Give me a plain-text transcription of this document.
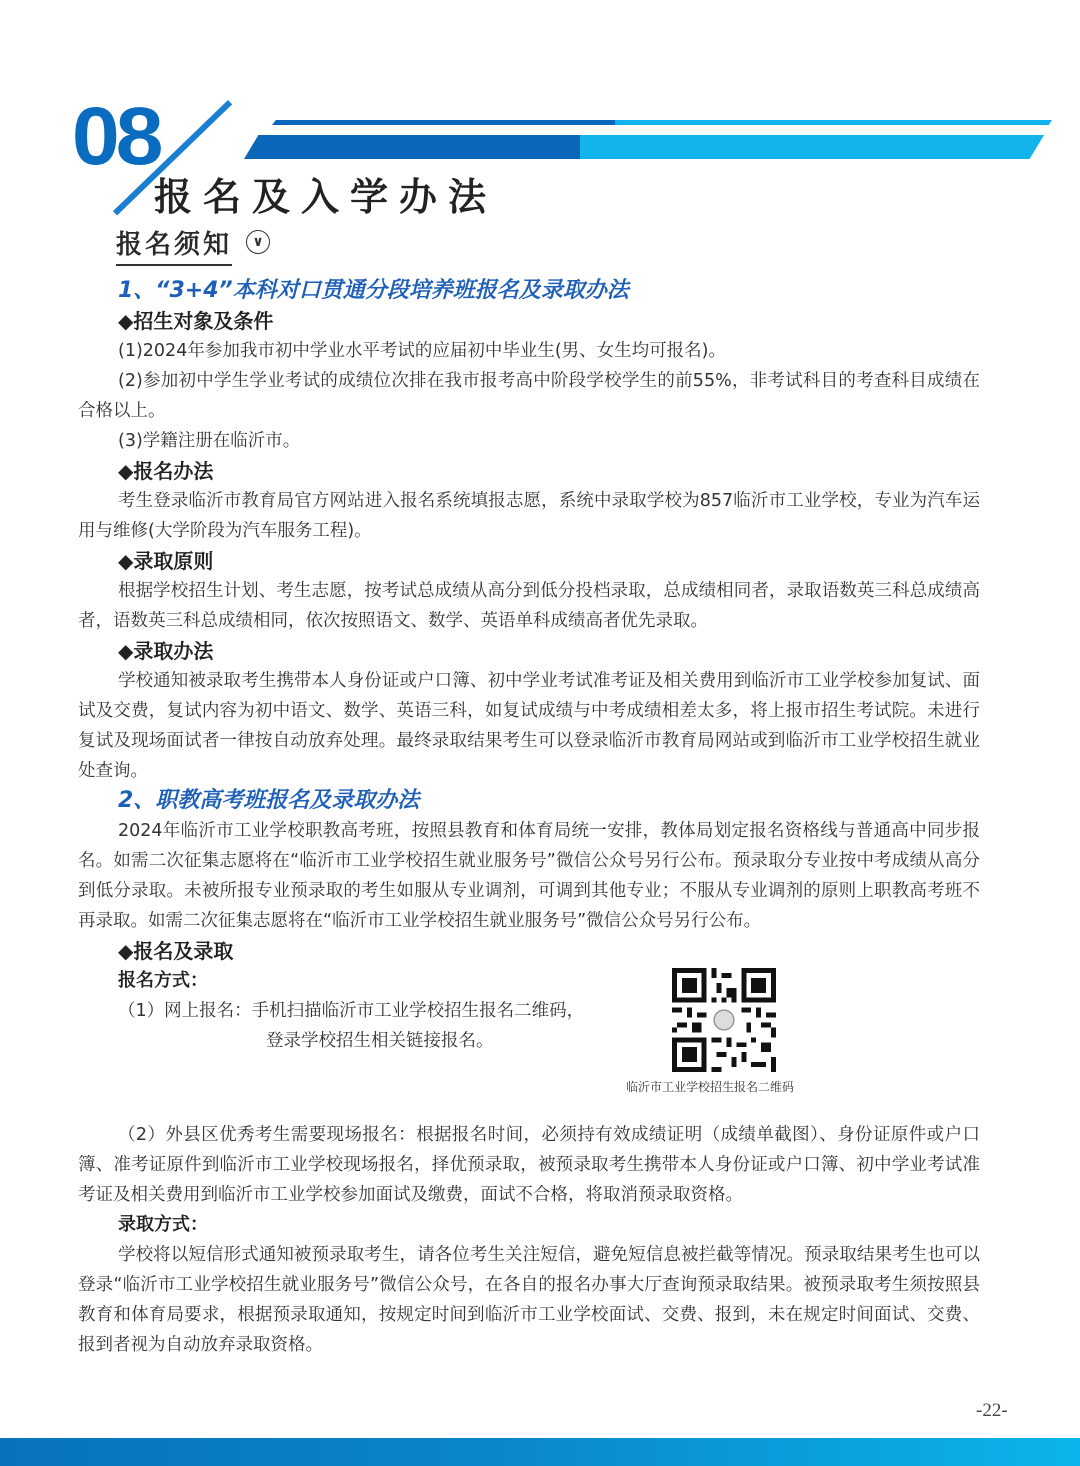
08
报名及入学办法
报名须知	∨

1、“3+4”本科对口贯通分段培养班报名及录取办法

◆招生对象及条件

(1)2024年参加我市初中学业水平考试的应届初中毕业生(男、女生均可报名)。

(2)参加初中学生学业考试的成绩位次排在我市报考高中阶段学校学生的前55%，非考试科目的考查科目成绩在合格以上。

(3)学籍注册在临沂市。

◆报名办法

考生登录临沂市教育局官方网站进入报名系统填报志愿，系统中录取学校为857临沂市工业学校，专业为汽车运用与维修(大学阶段为汽车服务工程)。

◆录取原则

根据学校招生计划、考生志愿，按考试总成绩从高分到低分投档录取，总成绩相同者，录取语数英三科总成绩高者，语数英三科总成绩相同，依次按照语文、数学、英语单科成绩高者优先录取。

◆录取办法

学校通知被录取考生携带本人身份证或户口簿、初中学业考试准考证及相关费用到临沂市工业学校参加复试、面试及交费，复试内容为初中语文、数学、英语三科，如复试成绩与中考成绩相差太多，将上报市招生考试院。未进行复试及现场面试者一律按自动放弃处理。最终录取结果考生可以登录临沂市教育局网站或到临沂市工业学校招生就业处查询。

2、职教高考班报名及录取办法

2024年临沂市工业学校职教高考班，按照县教育和体育局统一安排，教体局划定报名资格线与普通高中同步报名。如需二次征集志愿将在“临沂市工业学校招生就业服务号”微信公众号另行公布。预录取分专业按中考成绩从高分到低分录取。未被所报专业预录取的考生如服从专业调剂，可调到其他专业；不服从专业调剂的原则上职教高考班不再录取。如需二次征集志愿将在“临沂市工业学校招生就业服务号”微信公众号另行公布。

◆报名及录取

报名方式：

（1）网上报名：手机扫描临沂市工业学校招生报名二维码，
登录学校招生相关链接报名。
临沂市工业学校招生报名二维码

（2）外县区优秀考生需要现场报名：根据报名时间，必须持有效成绩证明（成绩单截图）、身份证原件或户口簿、准考证原件到临沂市工业学校现场报名，择优预录取，被预录取考生携带本人身份证或户口簿、初中学业考试准考证及相关费用到临沂市工业学校参加面试及缴费，面试不合格，将取消预录取资格。

录取方式：

学校将以短信形式通知被预录取考生，请各位考生关注短信，避免短信息被拦截等情况。预录取结果考生也可以登录“临沂市工业学校招生就业服务号”微信公众号，在各自的报名办事大厅查询预录取结果。被预录取考生须按照县教育和体育局要求，根据预录取通知，按规定时间到临沂市工业学校面试、交费、报到，未在规定时间面试、交费、报到者视为自动放弃录取资格。

-22-
